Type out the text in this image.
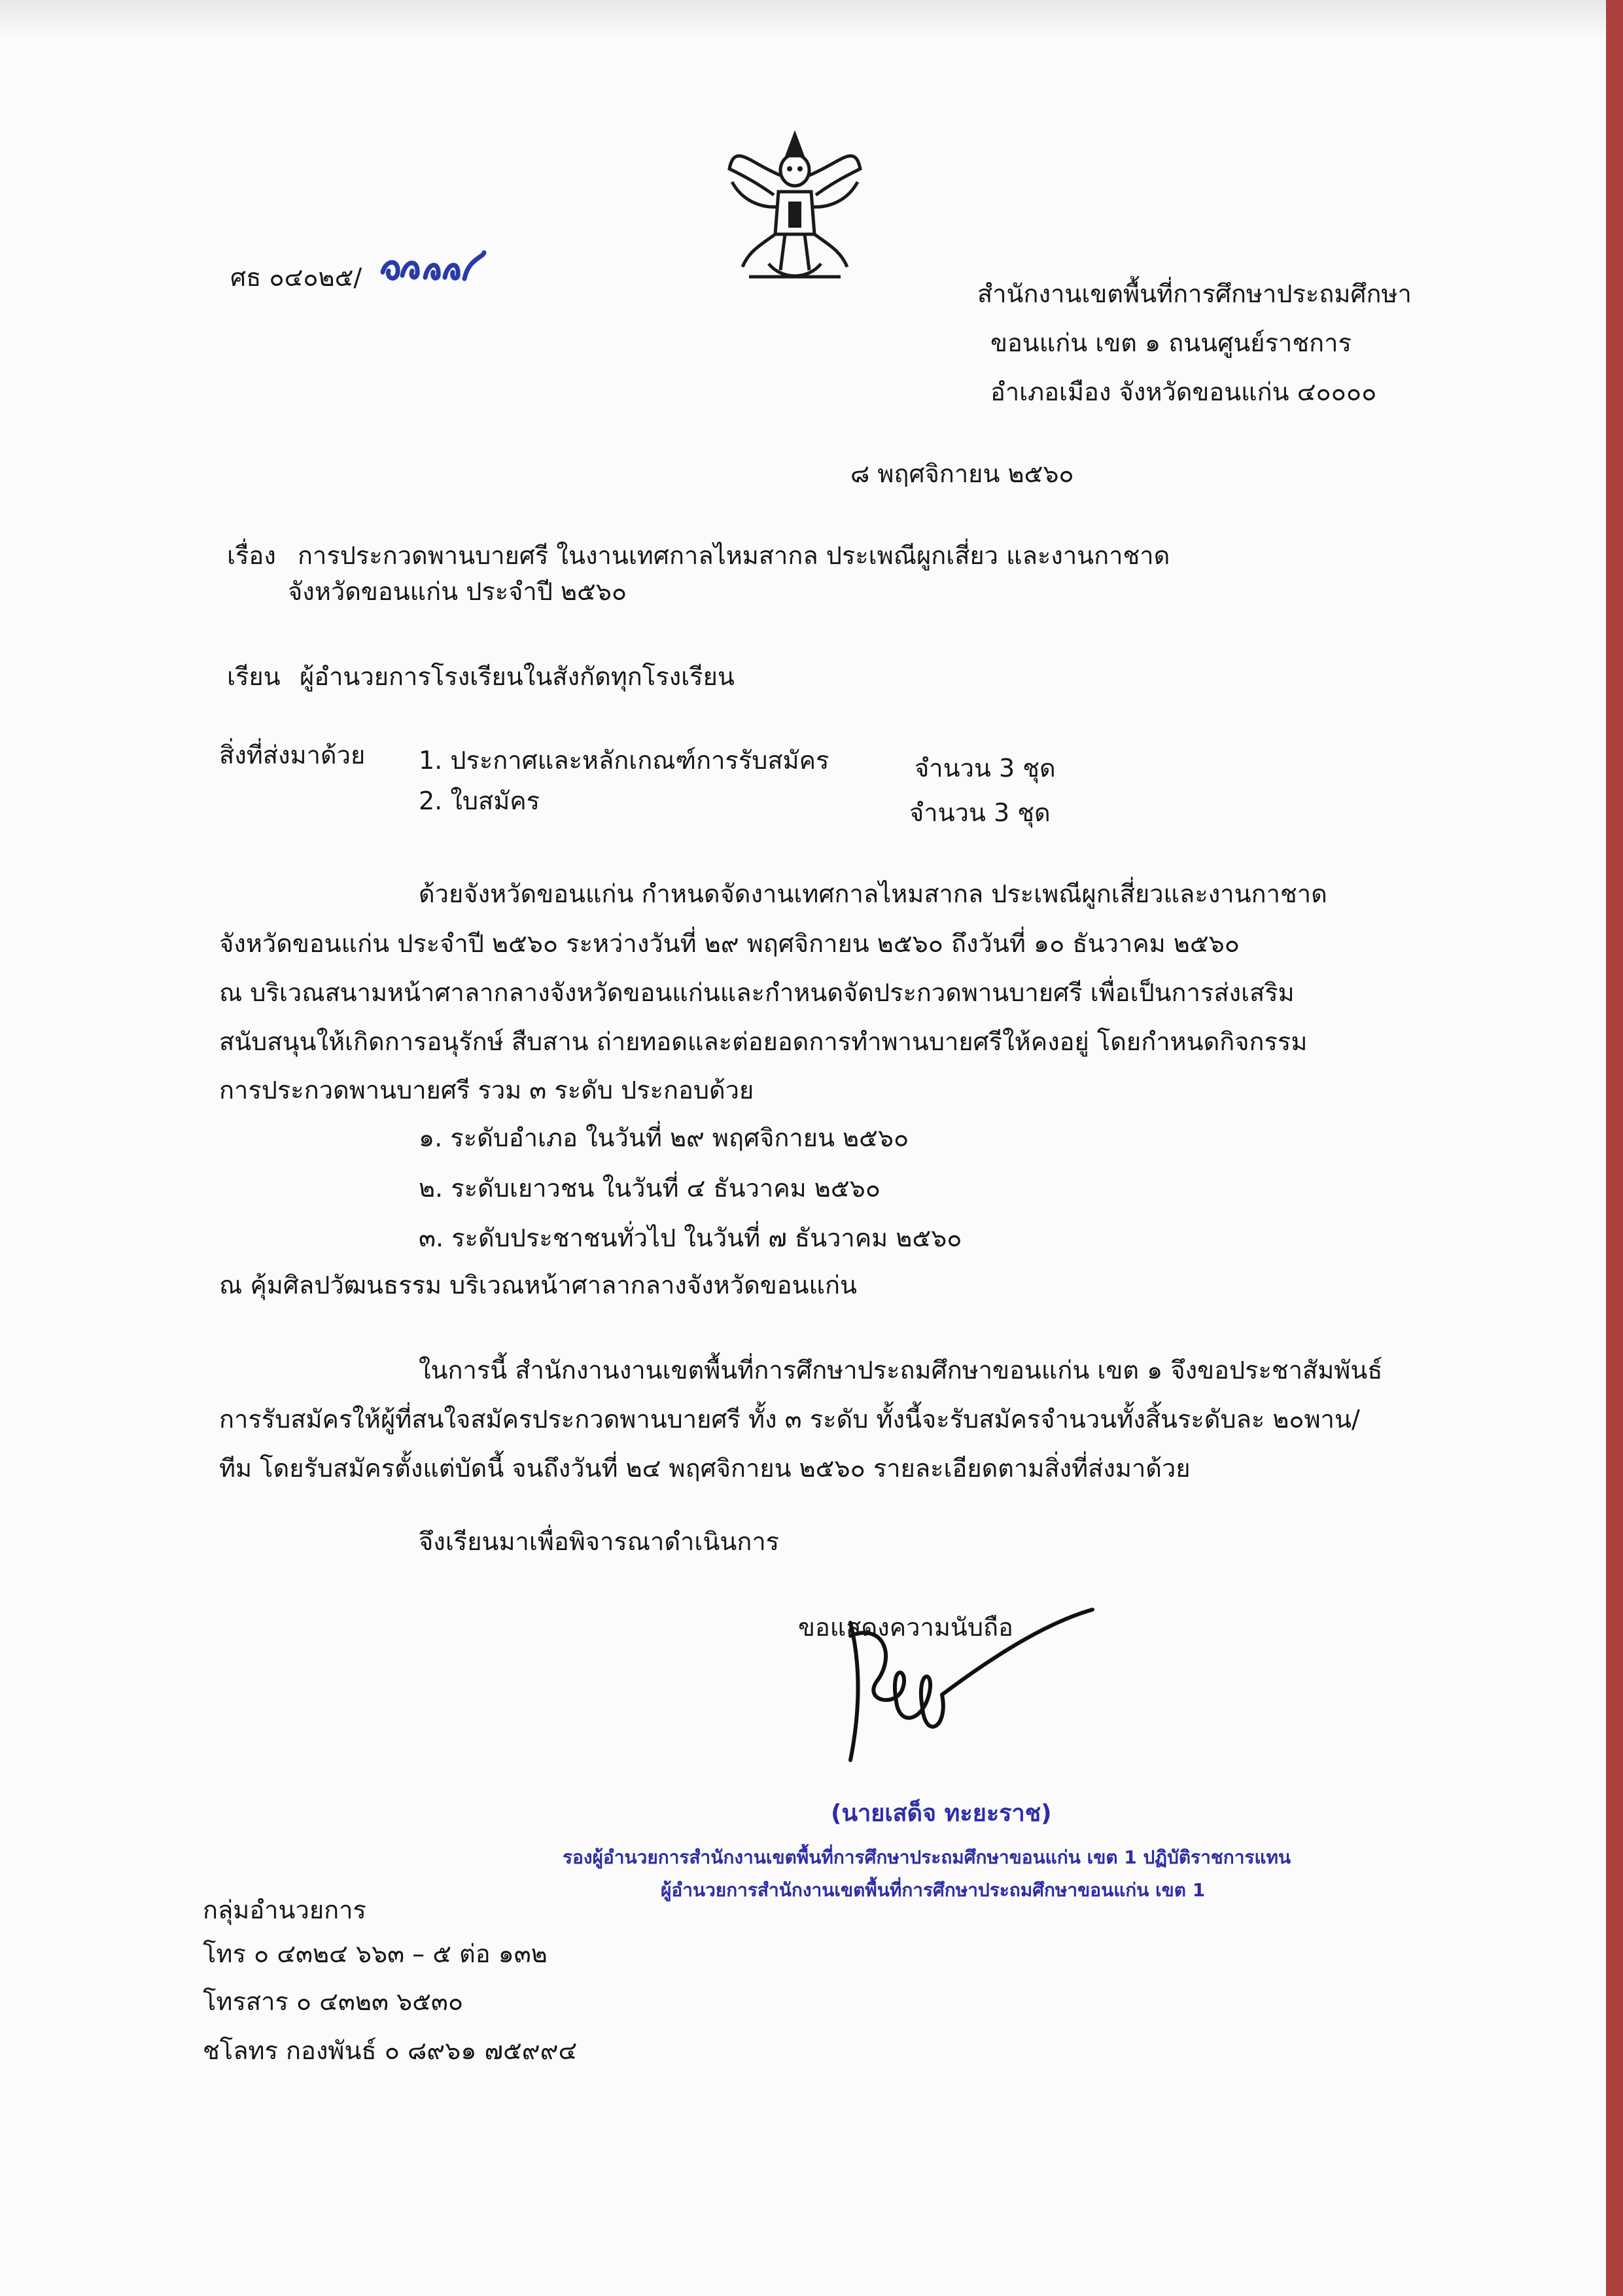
ศธ ๐๔๐๒๕/
สำนักงานเขตพื้นที่การศึกษาประถมศึกษา
ขอนแก่น เขต ๑ ถนนศูนย์ราชการ
อำเภอเมือง จังหวัดขอนแก่น ๔๐๐๐๐
๘ พฤศจิกายน ๒๕๖๐
เรื่อง การประกวดพานบายศรี ในงานเทศกาลไหมสากล ประเพณีผูกเสี่ยว และงานกาชาด
จังหวัดขอนแก่น ประจำปี ๒๕๖๐
เรียน ผู้อำนวยการโรงเรียนในสังกัดทุกโรงเรียน
สิ่งที่ส่งมาด้วย 1. ประกาศและหลักเกณฑ์การรับสมัคร	จำนวน 3 ชุด
2. ใบสมัคร	จำนวน 3 ชุด
ด้วยจังหวัดขอนแก่น กำหนดจัดงานเทศกาลไหมสากล ประเพณีผูกเสี่ยวและงานกาชาด
จังหวัดขอนแก่น ประจำปี ๒๕๖๐ ระหว่างวันที่ ๒๙ พฤศจิกายน ๒๕๖๐ ถึงวันที่ ๑๐ ธันวาคม ๒๕๖๐
ณ บริเวณสนามหน้าศาลากลางจังหวัดขอนแก่นและกำหนดจัดประกวดพานบายศรี เพื่อเป็นการส่งเสริม
สนับสนุนให้เกิดการอนุรักษ์ สืบสาน ถ่ายทอดและต่อยอดการทำพานบายศรีให้คงอยู่ โดยกำหนดกิจกรรม
การประกวดพานบายศรี รวม ๓ ระดับ ประกอบด้วย
๑. ระดับอำเภอ ในวันที่ ๒๙ พฤศจิกายน ๒๕๖๐
๒. ระดับเยาวชน ในวันที่ ๔ ธันวาคม ๒๕๖๐
๓. ระดับประชาชนทั่วไป ในวันที่ ๗ ธันวาคม ๒๕๖๐
ณ คุ้มศิลปวัฒนธรรม บริเวณหน้าศาลากลางจังหวัดขอนแก่น
ในการนี้ สำนักงานงานเขตพื้นที่การศึกษาประถมศึกษาขอนแก่น เขต ๑ จึงขอประชาสัมพันธ์
การรับสมัครให้ผู้ที่สนใจสมัครประกวดพานบายศรี ทั้ง ๓ ระดับ ทั้งนี้จะรับสมัครจำนวนทั้งสิ้นระดับละ ๒๐พาน/
ทีม โดยรับสมัครตั้งแต่บัดนี้ จนถึงวันที่ ๒๔ พฤศจิกายน ๒๕๖๐ รายละเอียดตามสิ่งที่ส่งมาด้วย
จึงเรียนมาเพื่อพิจารณาดำเนินการ
ขอแสดงความนับถือ
(นายเสด็จ ทะยะราช)
รองผู้อำนวยการสำนักงานเขตพื้นที่การศึกษาประถมศึกษาขอนแก่น เขต 1 ปฏิบัติราชการแทน
ผู้อำนวยการสำนักงานเขตพื้นที่การศึกษาประถมศึกษาขอนแก่น เขต 1
กลุ่มอำนวยการ
โทร ๐ ๔๓๒๔ ๖๖๓ – ๕ ต่อ ๑๓๒
โทรสาร ๐ ๔๓๒๓ ๖๕๓๐
ชโลทร กองพันธ์ ๐ ๘๙๖๑ ๗๕๙๙๔
